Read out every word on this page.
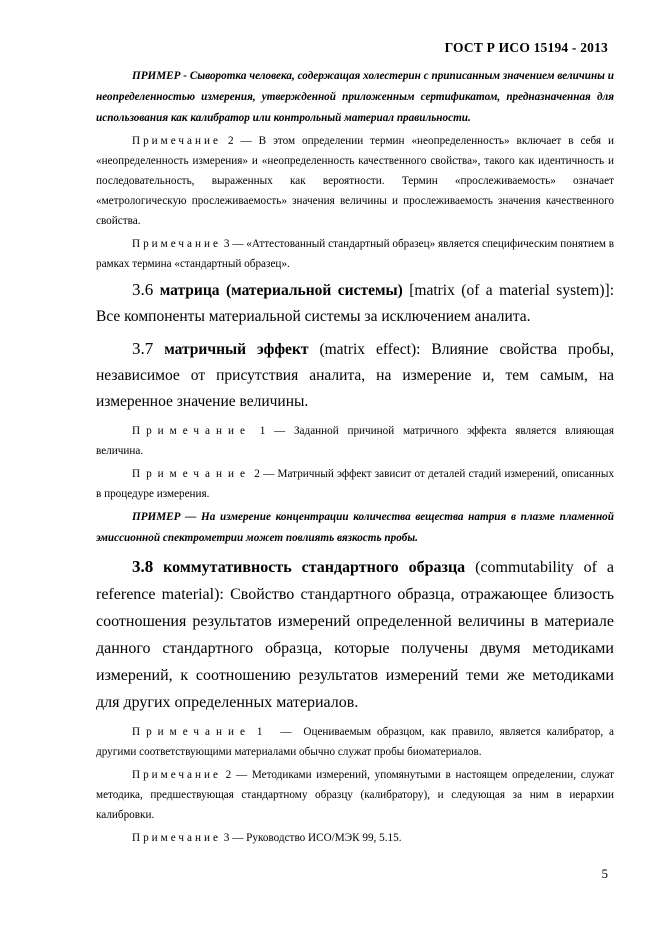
ГОСТ Р ИСО 15194 - 2013

ПРИМЕР - Сыворотка человека, содержащая холестерин с приписанным значением величины и неопределенностью измерения, утвержденной приложенным сертификатом, предназначенная для использования как калибратор или контрольный материал правильности.

Примечание 2 — В этом определении термин «неопределенность» включает в себя и «неопределенность измерения» и «неопределенность качественного свойства», такого как идентичность и последовательность, выраженных как вероятности. Термин «прослеживаемость» означает «метрологическую прослеживаемость» значения величины и прослеживаемость значения качественного свойства.

Примечание 3 — «Аттестованный стандартный образец» является специфическим понятием в рамках термина «стандартный образец».

3.6 матрица (материальной системы) [matrix (of a material system)]: Все компоненты материальной системы за исключением аналита.

3.7 матричный эффект (matrix effect): Влияние свойства пробы, независимое от присутствия аналита, на измерение и, тем самым, на измеренное значение величины.

Примечание 1 — Заданной причиной матричного эффекта является влияющая величина.

Примечание 2 — Матричный эффект зависит от деталей стадий измерений, описанных в процедуре измерения.

ПРИМЕР — На измерение концентрации количества вещества натрия в плазме пламенной эмиссионной спектрометрии может повлиять вязкость пробы.

3.8 коммутативность стандартного образца (commutability of a reference material): Свойство стандартного образца, отражающее близость соотношения результатов измерений определенной величины в материале данного стандартного образца, которые получены двумя методиками измерений, к соотношению результатов измерений теми же методиками для других определенных материалов.

Примечание 1 — Оцениваемым образцом, как правило, является калибратор, а другими соответствующими материалами обычно служат пробы биоматериалов.

Примечание 2 — Методиками измерений, упомянутыми в настоящем определении, служат методика, предшествующая стандартному образцу (калибратору), и следующая за ним в иерархии калибровки.

Примечание 3 — Руководство ИСО/МЭК 99, 5.15.

5
